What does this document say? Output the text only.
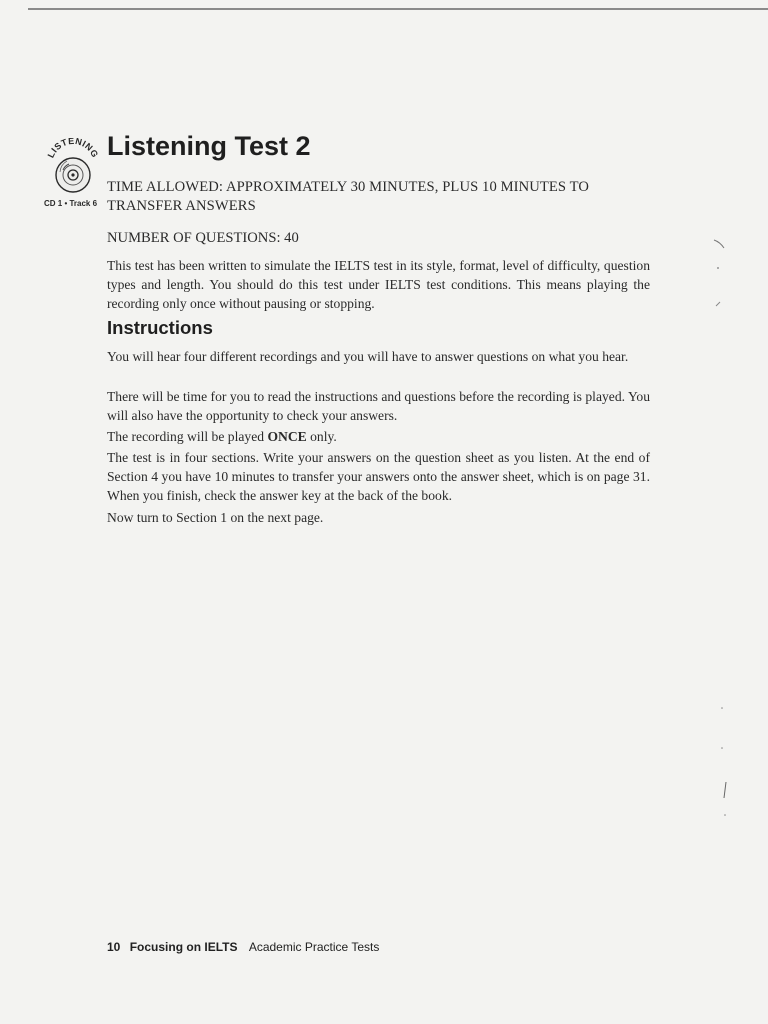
LISTENING
CD 1 • Track 6
Listening Test 2

TIME ALLOWED: APPROXIMATELY 30 MINUTES, PLUS 10 MINUTES TO TRANSFER ANSWERS

NUMBER OF QUESTIONS: 40

This test has been written to simulate the IELTS test in its style, format, level of difficulty, question types and length. You should do this test under IELTS test conditions. This means playing the recording only once without pausing or stopping.

Instructions

You will hear four different recordings and you will have to answer questions on what you hear.

There will be time for you to read the instructions and questions before the recording is played. You will also have the opportunity to check your answers.

The recording will be played ONCE only.

The test is in four sections. Write your answers on the question sheet as you listen. At the end of Section 4 you have 10 minutes to transfer your answers onto the answer sheet, which is on page 31. When you finish, check the answer key at the back of the book.

Now turn to Section 1 on the next page.

10 Focusing on IELTS Academic Practice Tests
